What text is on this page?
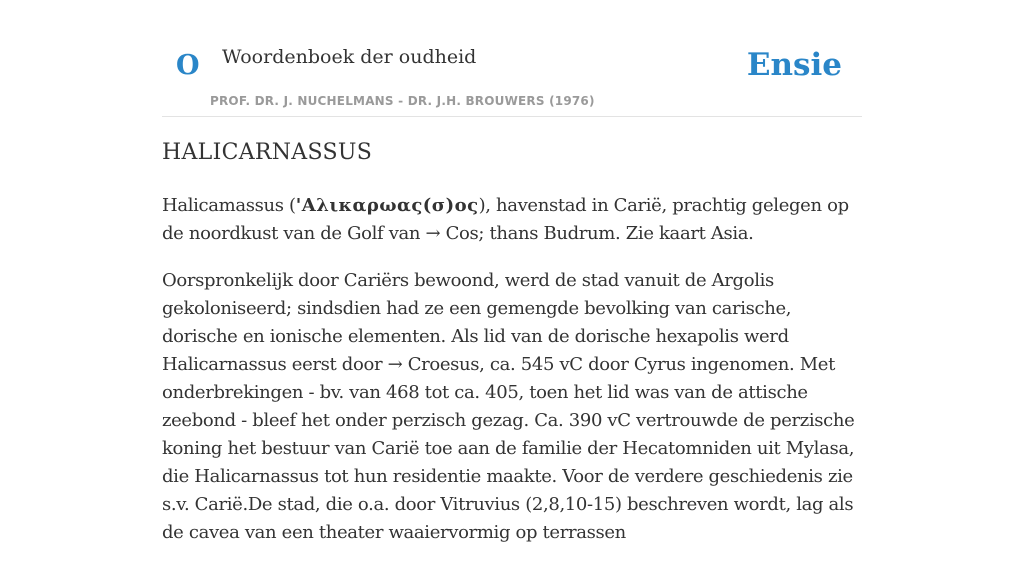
O Woordenboek der oudheid
PROF. DR. J. NUCHELMANS - DR. J.H. BROUWERS (1976)
Ensie
HALICARNASSUS

Halicamassus ('Αλικαρωας(σ)ος), havenstad in Carië, prachtig gelegen op de noordkust van de Golf van → Cos; thans Budrum. Zie kaart Asia.

Oorspronkelijk door Cariërs bewoond, werd de stad vanuit de Argolis gekoloniseerd; sindsdien had ze een gemengde bevolking van carische, dorische en ionische elementen. Als lid van de dorische hexapolis werd Halicarnassus eerst door → Croesus, ca. 545 vC door Cyrus ingenomen. Met onderbrekingen - bv. van 468 tot ca. 405, toen het lid was van de attische zeebond - bleef het onder perzisch gezag. Ca. 390 vC vertrouwde de perzische koning het bestuur van Carië toe aan de familie der Hecatomniden uit Mylasa, die Halicarnassus tot hun residentie maakte. Voor de verdere geschiedenis zie s.v. Carië.De stad, die o.a. door Vitruvius (2,8,10-15) beschreven wordt, lag als de cavea van een theater waaiervormig op terrassen
